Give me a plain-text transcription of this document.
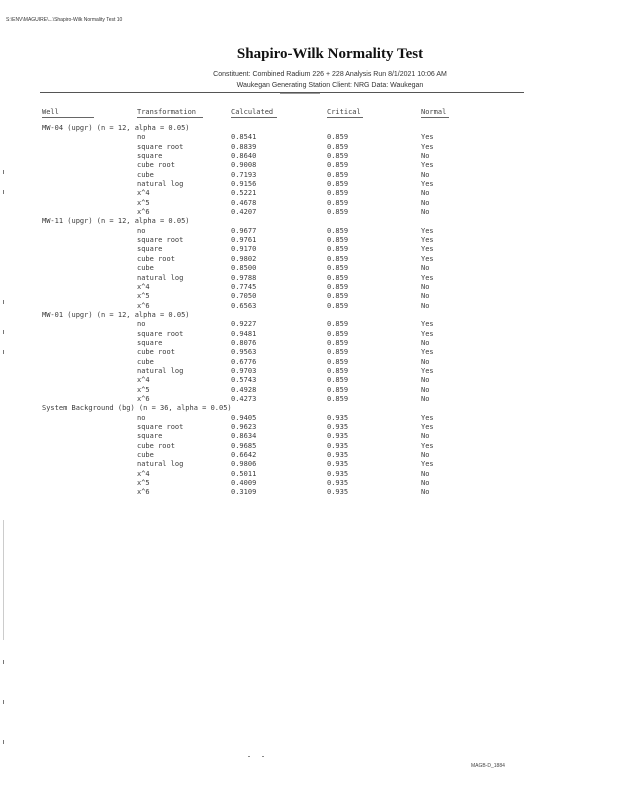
S:\ENV\MAGUIRE\...\Shapiro-Wilk Normality Test 10
Shapiro-Wilk Normality Test
Constituent: Combined Radium 226 + 228 Analysis Run 8/1/2021 10:06 AM
Waukegan Generating Station Client: NRG Data: Waukegan
Well	Transformation	Calculated	Critical	Normal
MW-04 (upgr) (n = 12, alpha = 0.05)
no	0.8541	0.859	Yes
square root	0.8839	0.859	Yes
square	0.8640	0.859	No
cube root	0.9008	0.859	Yes
cube	0.7193	0.859	No
natural log	0.9156	0.859	Yes
x^4	0.5221	0.859	No
x^5	0.4678	0.859	No
x^6	0.4207	0.859	No
MW-11 (upgr) (n = 12, alpha = 0.05)
no	0.9677	0.859	Yes
square root	0.9761	0.859	Yes
square	0.9170	0.859	Yes
cube root	0.9802	0.859	Yes
cube	0.8500	0.859	No
natural log	0.9788	0.859	Yes
x^4	0.7745	0.859	No
x^5	0.7050	0.859	No
x^6	0.6563	0.859	No
MW-01 (upgr) (n = 12, alpha = 0.05)
no	0.9227	0.859	Yes
square root	0.9481	0.859	Yes
square	0.8076	0.859	No
cube root	0.9563	0.859	Yes
cube	0.6776	0.859	No
natural log	0.9703	0.859	Yes
x^4	0.5743	0.859	No
x^5	0.4928	0.859	No
x^6	0.4273	0.859	No
System Background (bg) (n = 36, alpha = 0.05)
no	0.9405	0.935	Yes
square root	0.9623	0.935	Yes
square	0.8634	0.935	No
cube root	0.9685	0.935	Yes
cube	0.6642	0.935	No
natural log	0.9806	0.935	Yes
x^4	0.5011	0.935	No
x^5	0.4009	0.935	No
x^6	0.3109	0.935	No
MAGB-D_1884
